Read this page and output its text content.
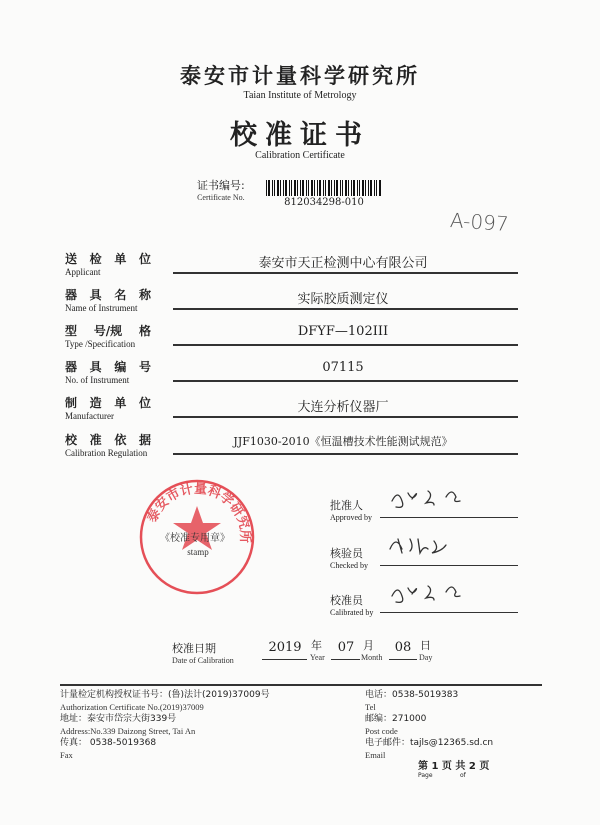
泰安市计量科学研究所
Taian Institute of Metrology
校准证书
Calibration Certificate
证书编号:
Certificate No.	812034298-010
A-097
送 检 单 位
Applicant
泰安市天正检测中心有限公司
器 具 名 称
Name of Instrument
实际胶质测定仪
型 号/规 格
Type /Specification
DFYF—102III
器 具 编 号
No. of Instrument
07115
制 造 单 位
Manufacturer
大连分析仪器厂
校 准 依 据
Calibration Regulation
JJF1030-2010《恒温槽技术性能测试规范》
泰安市计量科学研究所
《校准专用章》
stamp
批准人
Approved by
核验员
Checked by
校准员
Calibrated by
校准日期
Date of Calibration
2019 年
Year
07 月
Month
08 日
Day
计量检定机构授权证书号：(鲁)法计(2019)37009号
Authorization Certificate No.(2019)37009
地址：泰安市岱宗大街339号
Address:No.339 Daizong Street, Tai An
传真： 0538-5019368
Fax
电话：0538-5019383
Tel
邮编：271000
Post code
电子邮件：tajls@12365.sd.cn
Email
第 1 页 共 2 页
Page	of
